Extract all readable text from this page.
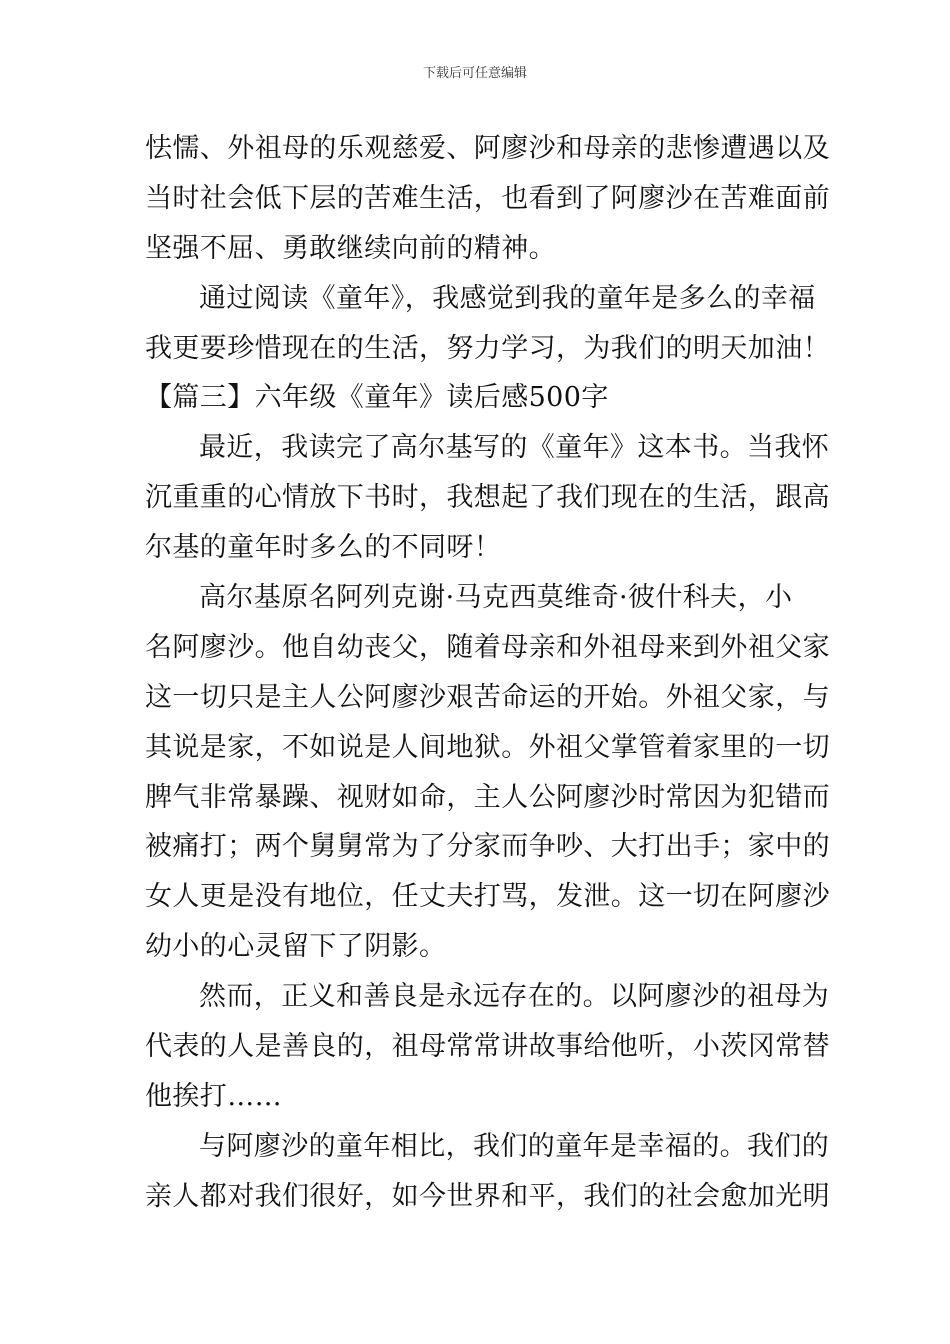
下载后可任意编辑
怯懦、外祖母的乐观慈爱、阿廖沙和母亲的悲惨遭遇以及
当时社会低下层的苦难生活，也看到了阿廖沙在苦难面前
坚强不屈、勇敢继续向前的精神。
通过阅读《童年》，我感觉到我的童年是多么的幸福
我更要珍惜现在的生活，努力学习，为我们的明天加油！
【篇三】六年级《童年》读后感500字
最近，我读完了高尔基写的《童年》这本书。当我怀
沉重重的心情放下书时，我想起了我们现在的生活，跟高
尔基的童年时多么的不同呀！
高尔基原名阿列克谢·马克西莫维奇·彼什科夫，小
名阿廖沙。他自幼丧父，随着母亲和外祖母来到外祖父家
这一切只是主人公阿廖沙艰苦命运的开始。外祖父家，与
其说是家，不如说是人间地狱。外祖父掌管着家里的一切
脾气非常暴躁、视财如命，主人公阿廖沙时常因为犯错而
被痛打；两个舅舅常为了分家而争吵、大打出手；家中的
女人更是没有地位，任丈夫打骂，发泄。这一切在阿廖沙
幼小的心灵留下了阴影。
然而，正义和善良是永远存在的。以阿廖沙的祖母为
代表的人是善良的，祖母常常讲故事给他听，小茨冈常替
他挨打……
与阿廖沙的童年相比，我们的童年是幸福的。我们的
亲人都对我们很好，如今世界和平，我们的社会愈加光明
